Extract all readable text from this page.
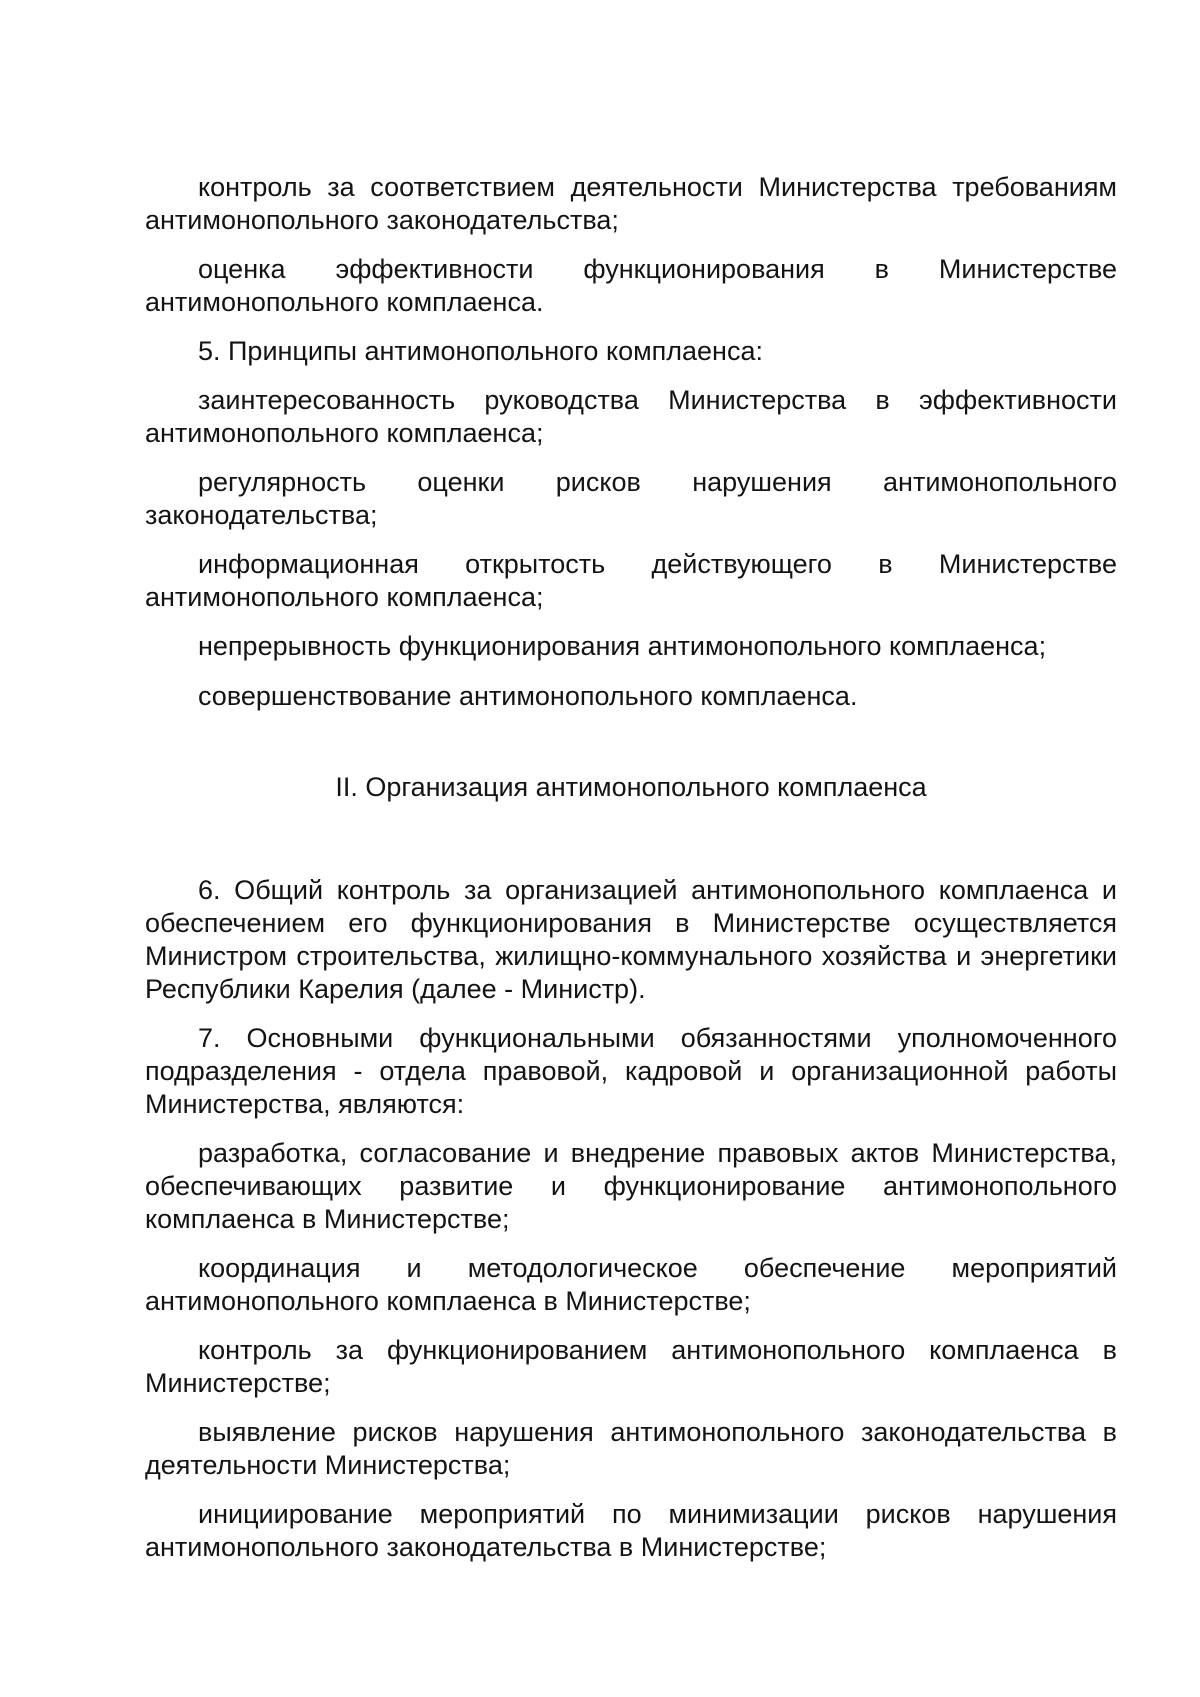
контроль за соответствием деятельности Министерства требованиям антимонопольного законодательства;

оценка эффективности функционирования в Министерстве антимонопольного комплаенса.

5. Принципы антимонопольного комплаенса:

заинтересованность руководства Министерства в эффективности антимонопольного комплаенса;

регулярность оценки рисков нарушения антимонопольного законодательства;

информационная открытость действующего в Министерстве антимонопольного комплаенса;

непрерывность функционирования антимонопольного комплаенса;

совершенствование антимонопольного комплаенса.

II. Организация антимонопольного комплаенса

6. Общий контроль за организацией антимонопольного комплаенса и обеспечением его функционирования в Министерстве осуществляется Министром строительства, жилищно-коммунального хозяйства и энергетики Республики Карелия (далее - Министр).

7. Основными функциональными обязанностями уполномоченного подразделения - отдела правовой, кадровой и организационной работы Министерства, являются:

разработка, согласование и внедрение правовых актов Министерства, обеспечивающих развитие и функционирование антимонопольного комплаенса в Министерстве;

координация и методологическое обеспечение мероприятий антимонопольного комплаенса в Министерстве;

контроль за функционированием антимонопольного комплаенса в Министерстве;

выявление рисков нарушения антимонопольного законодательства в деятельности Министерства;

инициирование мероприятий по минимизации рисков нарушения антимонопольного законодательства в Министерстве;
